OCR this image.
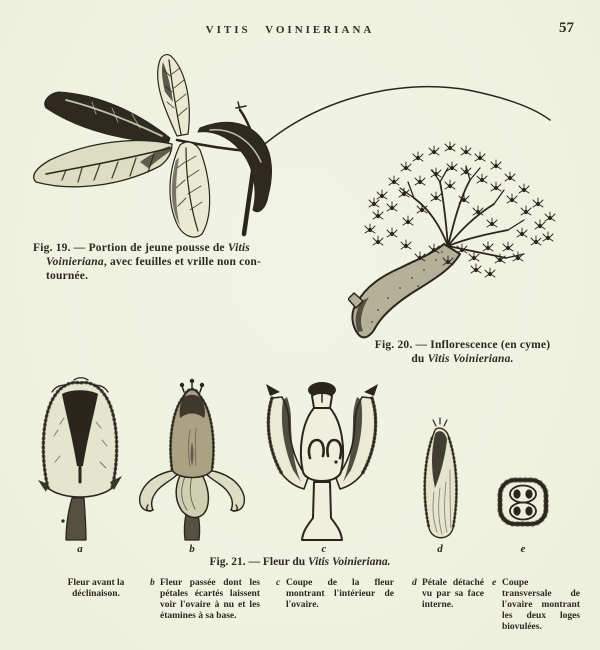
VITIS VOINIERIANA	57
Fig. 19. — Portion de jeune pousse de Vitis
Voinieriana, avec feuilles et vrille non con-
tournée.
Fig. 20. — Inflorescence (en cyme)
du Vitis Voinieriana.
a	b	c	d	e
Fig. 21. — Fleur du Vitis Voinieriana.
Fleur avant la déclinaison.
b Fleur passée dont les pétales écartés laissent voir l'ovaire à nu et les étamines à sa base.
c Coupe de la fleur montrant l'intérieur de l'ovaire.
d Pétale détaché vu par sa face interne.
e Coupe transversale de l'ovaire montrant les deux loges biovulées.
